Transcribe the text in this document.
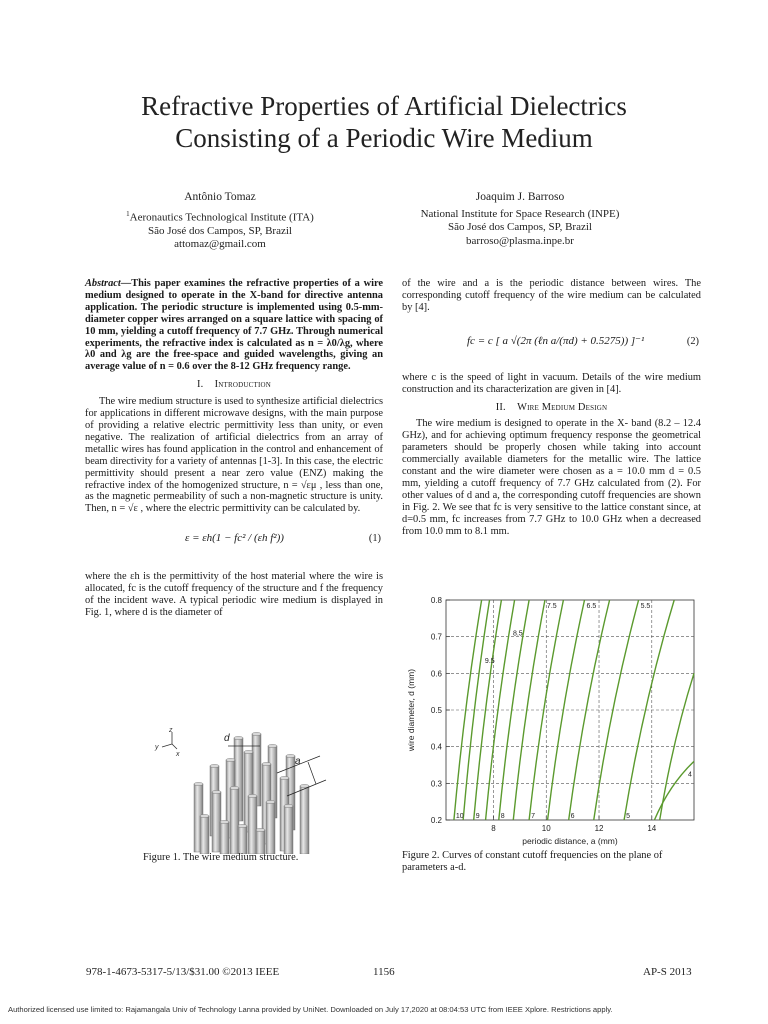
Refractive Properties of Artificial Dielectrics
Consisting of a Periodic Wire Medium
Antônio Tomaz
$^1$Aeronautics Technological Institute (ITA)
São José dos Campos, SP, Brazil
attomaz@gmail.com
Joaquim J. Barroso
National Institute for Space Research (INPE)
São José dos Campos, SP, Brazil
barroso@plasma.inpe.br

Abstract—This paper examines the refractive properties of a wire medium designed to operate in the X-band for directive antenna application. The periodic structure is implemented using 0.5-mm-diameter copper wires arranged on a square lattice with spacing of 10 mm, yielding a cutoff frequency of 7.7 GHz. Through numerical experiments, the refractive index is calculated as n = λ0/λg, where λ0 and λg are the free-space and guided wavelengths, giving an average value of n = 0.6 over the 8-12 GHz frequency range.

I. Introduction

The wire medium structure is used to synthesize artificial dielectrics for applications in different microwave designs, with the main purpose of providing a relative electric permittivity less than unity, or even negative. The realization of artificial dielectrics from an array of metallic wires has found application in the control and enhancement of beam directivity for a variety of antennas [1-3]. In this case, the electric permittivity should present a near zero value (ENZ) making the refractive index of the homogenized structure, n = √εμ , less than one, as the magnetic permeability of such a non-magnetic structure is unity. Then, n = √ε , where the electric permittivity can be calculated by.

ε = εh(1 − fc² / (εh f²))	(1)

where the εh is the permittivity of the host material where the wire is allocated, fc is the cutoff frequency of the structure and f the frequency of the incident wave. A typical periodic wire medium is displayed in Fig. 1, where d is the diameter of

z
y
x
d
a
Figure 1. The wire medium structure.

of the wire and a is the periodic distance between wires. The corresponding cutoff frequency of the wire medium can be calculated by [4].

fc = c [ a √(2π (ℓn a/(πd) + 0.5275)) ]⁻¹	(2)

where c is the speed of light in vacuum. Details of the wire medium construction and its characterization are given in [4].

II. Wire Medium Design

The wire medium is designed to operate in the X- band (8.2 – 12.4 GHz), and for achieving optimum frequency response the geometrical parameters should be properly chosen while taking into account commercially available diameters for the metallic wire. The lattice constant and the wire diameter were chosen as a = 10.0 mm d = 0.5 mm, yielding a cutoff frequency of 7.7 GHz calculated from (2). For other values of d and a, the corresponding cutoff frequencies are shown in Fig. 2. We see that fc is very sensitive to the lattice constant since, at d=0.5 mm, fc increases from 7.7 GHz to 10.0 GHz when a decreased from 10.0 mm to 8.1 mm.

8	10	12	14
0.2
0.3
0.4
0.5
0.6
0.7
0.8
9.5
8.5
7.5	6.5	5.5
4
10 9	8	7	6	5
wire diameter, d (mm)
periodic distance, a (mm)
Figure 2. Curves of constant cutoff frequencies on the plane of parameters a-d.
978-1-4673-5317-5/13/$31.00 ©2013 IEEE	1156	AP-S 2013
Authorized licensed use limited to: Rajamangala Univ of Technology Lanna provided by UniNet. Downloaded on July 17,2020 at 08:04:53 UTC from IEEE Xplore. Restrictions apply.
